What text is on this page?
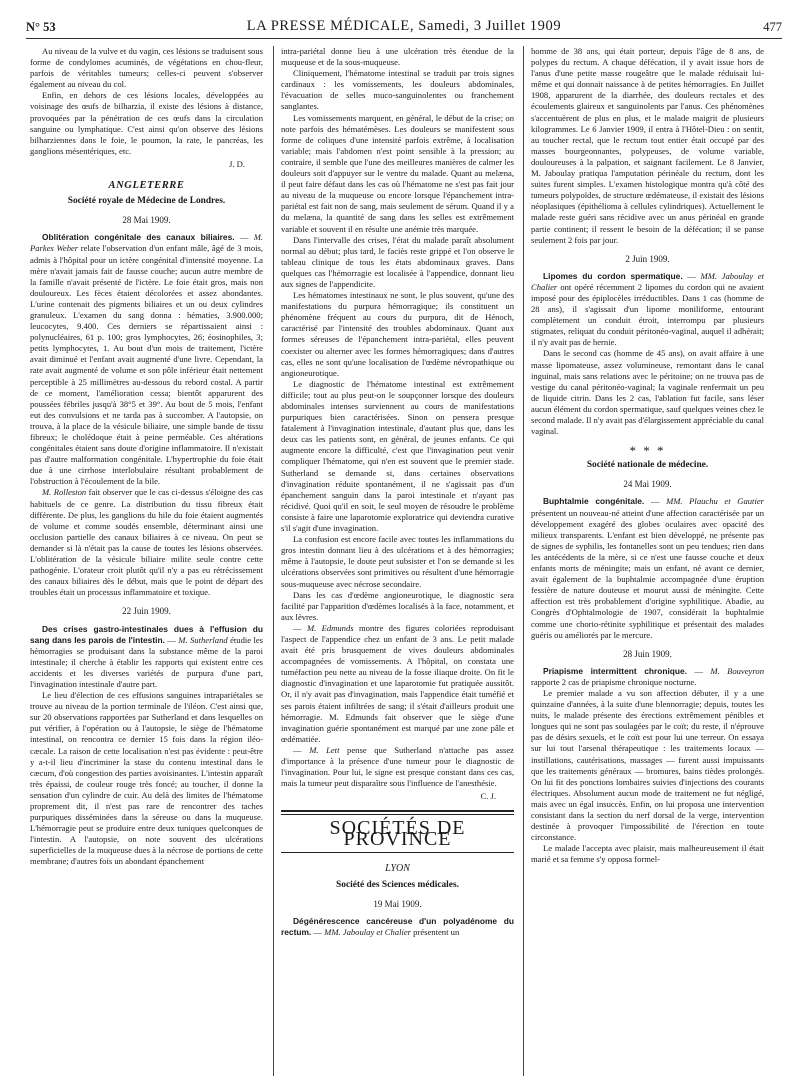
N° 53	LA PRESSE MÉDICALE, Samedi, 3 Juillet 1909	477

Au niveau de la vulve et du vagin, ces lésions se traduisent sous forme de condylomes acuminés, de végétations en chou-fleur, parfois de véritables tumeurs; celles-ci peuvent s'observer également au niveau du col.

Enfin, en dehors de ces lésions locales, développées au voisinage des œufs de bilharzia, il existe des lésions à distance, provoquées par la pénétration de ces œufs dans la circulation sanguine ou lymphatique. C'est ainsi qu'on observe des lésions bilharziennes dans le foie, le poumon, la rate, le pancréas, les ganglions mésentériques, etc.

J. D.

ANGLETERRE

Société royale de Médecine de Londres.

28 Mai 1909.

Oblitération congénitale des canaux biliaires. — M. Parkes Weber relate l'observation d'un enfant mâle, âgé de 3 mois, admis à l'hôpital pour un ictère congénital d'intensité moyenne. La mère n'avait jamais fait de fausse couche; aucun autre membre de la famille n'avait présenté de l'ictère. Le foie était gros, mais non douloureux. Les fèces étaient décolorées et assez abondantes. L'urine contenait des pigments biliaires et un ou deux cylindres granuleux. L'examen du sang donna : hématies, 3.900.000; leucocytes, 9.400. Ces derniers se répartissaient ainsi : polynucléaires, 61 p. 100; gros lymphocytes, 26; éosinophiles, 3; petits lymphocytes, 1. Au bout d'un mois de traitement, l'ictère avait diminué et l'enfant avait augmenté d'une livre. Cependant, la rate avait augmenté de volume et son pôle inférieur était nettement perceptible à 25 millimètres au-dessous du rebord costal. A partir de ce moment, l'amélioration cessa; bientôt apparurent des poussées fébriles jusqu'à 38°5 et 39°. Au bout de 5 mois, l'enfant eut des convulsions et ne tarda pas à succomber. A l'autopsie, on trouva, à la place de la vésicule biliaire, une simple bande de tissu fibreux; le cholédoque était à peine perméable. Ces altérations congénitales étaient sans doute d'origine inflammatoire. Il n'existait pas d'autre malformation congénitale. L'hypertrophie du foie était due à une cirrhose interlobulaire résultant probablement de l'obstruction à l'écoulement de la bile.

M. Rolleston fait observer que le cas ci-dessus s'éloigne des cas habituels de ce genre. La distribution du tissu fibreux était différente. De plus, les ganglions du hile du foie étaient augmentés de volume et comme soudés ensemble, déterminant ainsi une occlusion partielle des canaux biliaires à ce niveau. On peut se demander si là n'était pas la cause de toutes les lésions observées. L'oblitération de la vésicule biliaire milite seule contre cette pathogénie. L'orateur croit plutôt qu'il n'y a pas eu rétrécissement des canaux biliaires dès le début, mais que le point de départ des troubles était un processus inflammatoire et toxique.

22 Juin 1909.

Des crises gastro-intestinales dues à l'effusion du sang dans les parois de l'intestin. — M. Sutherland étudie les hémorragies se produisant dans la substance même de la paroi intestinale; il cherche à établir les rapports qui existent entre ces accidents et les diverses variétés de purpura d'une part, l'invagination intestinale d'autre part.

Le lieu d'élection de ces effusions sanguines intrapariétales se trouve au niveau de la portion terminale de l'iléon. C'est ainsi que, sur 20 observations rapportées par Sutherland et dans lesquelles on put vérifier, à l'opération ou à l'autopsie, le siège de l'hématome intestinal, on rencontra ce dernier 15 fois dans la région iléo-cæcale. La raison de cette localisation n'est pas évidente : peut-être y a-t-il lieu d'incriminer la stase du contenu intestinal dans le cæcum, d'où congestion des parties avoisinantes. L'intestin apparaît très épaissi, de couleur rouge très foncé; au toucher, il donne la sensation d'un cylindre de cuir. Au delà des limites de l'hématome proprement dit, il n'est pas rare de rencontrer des taches purpuriques disséminées dans la séreuse ou dans la muqueuse. L'hémorragie peut se produire entre deux tuniques quelconques de l'intestin. A l'autopsie, on note souvent des ulcérations superficielles de la muqueuse dues à la nécrose de portions de cette membrane; d'autres fois un abondant épanchement

intra-pariétal donne lieu à une ulcération très étendue de la muqueuse et de la sous-muqueuse.

Cliniquement, l'hématome intestinal se traduit par trois signes cardinaux : les vomissements, les douleurs abdominales, l'évacuation de selles muco-sanguinolentes ou franchement sanglantes.

Les vomissements marquent, en général, le début de la crise; on note parfois des hématémèses. Les douleurs se manifestent sous forme de coliques d'une intensité parfois extrême, à localisation variable; mais l'abdomen n'est point sensible à la pression; au contraire, il semble que l'une des meilleures manières de calmer les douleurs soit d'appuyer sur le ventre du malade. Quant au melæna, il peut faire défaut dans les cas où l'hématome ne s'est pas fait jour au niveau de la muqueuse ou encore lorsque l'épanchement intra-pariétal est fait non de sang, mais seulement de sérum. Quand il y a du melæna, la quantité de sang dans les selles est extrêmement variable et souvent il en résulte une anémie très marquée.

Dans l'intervalle des crises, l'état du malade paraît absolument normal au début; plus tard, le faciès reste grippé et l'on observe le tableau clinique de tous les états abdominaux graves. Dans quelques cas l'hémorragie est localisée à l'appendice, donnant lieu aux signes de l'appendicite.

Les hématomes intestinaux ne sont, le plus souvent, qu'une des manifestations du purpura hémorragique; ils constituent un phénomène fréquent au cours du purpura, dit de Hénoch, caractérisé par l'intensité des troubles abdominaux. Quant aux formes séreuses de l'épanchement intra-pariétal, elles peuvent coexister ou alterner avec les formes hémorragiques; dans d'autres cas, elles ne sont qu'une localisation de l'œdème névropathique ou angioneurotique.

Le diagnostic de l'hématome intestinal est extrêmement difficile; tout au plus peut-on le soupçonner lorsque des douleurs abdominales intenses surviennent au cours de manifestations purpuriques bien caractérisées. Sinon on pensera presque fatalement à l'invagination intestinale, d'autant plus que, dans les deux cas les patients sont, en général, de jeunes enfants. Ce qui augmente encore la difficulté, c'est que l'invagination peut venir compliquer l'hématome, qui n'en est souvent que le premier stade. Sutherland se demande si, dans certaines observations d'invagination réduite spontanément, il ne s'agissait pas d'un épanchement sanguin dans la paroi intestinale et n'ayant pas récidivé. Quoi qu'il en soit, le seul moyen de résoudre le problème consiste à faire une laparotomie exploratrice qui deviendra curative s'il s'agit d'une invagination.

La confusion est encore facile avec toutes les inflammations du gros intestin donnant lieu à des ulcérations et à des hémorragies; même à l'autopsie, le doute peut subsister et l'on se demande si les ulcérations observées sont primitives ou résultent d'une hémorragie sous-muqueuse avec nécrose secondaire.

Dans les cas d'œdème angioneurotique, le diagnostic sera facilité par l'apparition d'œdèmes localisés à la face, notamment, et aux lèvres.

— M. Edmunds montre des figures coloriées reproduisant l'aspect de l'appendice chez un enfant de 3 ans. Le petit malade avait été pris brusquement de vives douleurs abdominales accompagnées de vomissements. A l'hôpital, on constata une tuméfaction peu nette au niveau de la fosse iliaque droite. On fit le diagnostic d'invagination et une laparotomie fut pratiquée aussitôt. Or, il n'y avait pas d'invagination, mais l'appendice était tuméfié et ses parois étaient infiltrées de sang; il s'était d'ailleurs produit une hémorragie. M. Edmunds fait observer que le siège d'une invagination guérie spontanément est marqué par une zone pâle et œdématiée.

— M. Lett pense que Sutherland n'attache pas assez d'importance à la présence d'une tumeur pour le diagnostic de l'invagination. Pour lui, le signe est presque constant dans ces cas, mais la tumeur peut disparaître sous l'influence de l'anesthésie.

C. J.

SOCIÉTÉS DE PROVINCE

LYON

Société des Sciences médicales.

19 Mai 1909.

Dégénérescence cancéreuse d'un polyadénome du rectum. — MM. Jaboulay et Chalier présentent un

homme de 38 ans, qui était porteur, depuis l'âge de 8 ans, de polypes du rectum. A chaque défécation, il y avait issue hors de l'anus d'une petite masse rougeâtre que le malade réduisait lui-même et qui donnait naissance à de petites hémorragies. En Juillet 1908, apparurent de la diarrhée, des douleurs rectales et des écoulements glaireux et sanguinolents par l'anus. Ces phénomènes s'accentuèrent de plus en plus, et le malade maigrit de plusieurs kilogrammes. Le 6 Janvier 1909, il entra à l'Hôtel-Dieu : on sentit, au toucher rectal, que le rectum tout entier était occupé par des masses bourgeonnantes, polypeuses, de volume variable, douloureuses à la palpation, et saignant facilement. Le 8 Janvier, M. Jaboulay pratiqua l'amputation périnéale du rectum, dont les suites furent simples. L'examen histologique montra qu'à côté des tumeurs polypoïdes, de structure œdémateuse, il existait des lésions néoplasiques (épithélioma à cellules cylindriques). Actuellement le malade reste guéri sans récidive avec un anus périnéal en grande partie continent; il ressent le besoin de la défécation; il se panse seulement 2 fois par jour.

2 Juin 1909.

Lipomes du cordon spermatique. — MM. Jaboulay et Chalier ont opéré récemment 2 lipomes du cordon qui ne avaient imposé pour des épiplocèles irréductibles. Dans 1 cas (homme de 28 ans), il s'agissait d'un lipome moniliforme, entourant complètement un conduit étroit, interrompu par plusieurs stigmates, reliquat du conduit péritonéo-vaginal, auquel il adhérait; il n'y avait pas de hernie.

Dans le second cas (homme de 45 ans), on avait affaire à une masse lipomateuse, assez volumineuse, remontant dans le canal inguinal, mais sans relations avec le péritoine; on ne trouva pas de vestige du canal péritonéo-vaginal; la vaginale renfermait un peu de liquide citrin. Dans les 2 cas, l'ablation fut facile, sans léser aucun élément du cordon spermatique, sauf quelques veines chez le second malade. Il n'y avait pas d'élargissement appréciable du canal vaginal.

* * *

Société nationale de médecine.

24 Mai 1909.

Buphtalmie congénitale. — MM. Plauchu et Gautier présentent un nouveau-né atteint d'une affection caractérisée par un développement exagéré des globes oculaires avec opacité des milieux transparents. L'enfant est bien développé, ne présente pas de signes de syphilis, les fontanelles sont un peu tendues; rien dans les antécédents de la mère, si ce n'est une fausse couche et deux enfants morts de méningite; mais un enfant, né avant ce dernier, avait également de la buphtalmie accompagnée d'une éruption fessière de nature douteuse et mourut aussi de méningite. Cette affection est très probablement d'origine syphilitique. Abadie, au Congrès d'Ophtalmologie de 1907, considérait la buphtalmie comme une chorio-rétinite syphilitique et présentait des malades guéris ou améliorés par le mercure.

28 Juin 1909.

Priapisme intermittent chronique. — M. Bouveyron rapporte 2 cas de priapisme chronique nocturne.

Le premier malade a vu son affection débuter, il y a une quinzaine d'années, à la suite d'une blennorragie; depuis, toutes les nuits, le malade présente des érections extrêmement pénibles et longues qui ne sont pas soulagées par le coït; du reste, il n'éprouve pas de désirs sexuels, et le coït est pour lui une terreur. On essaya sur lui tout l'arsenal thérapeutique : les traitements locaux — instillations, cautérisations, massages — furent aussi impuissants que les traitements généraux — bromures, bains tièdes prolongés. On lui fit des ponctions lombaires suivies d'injections des courants électriques. Absolument aucun mode de traitement ne fut négligé, mais avec un égal insuccès. Enfin, on lui proposa une intervention consistant dans la section du nerf dorsal de la verge, intervention destinée à provoquer l'impossibilité de l'érection en toute circonstance.

Le malade l'accepta avec plaisir, mais malheureusement il était marié et sa femme s'y opposa formel-
